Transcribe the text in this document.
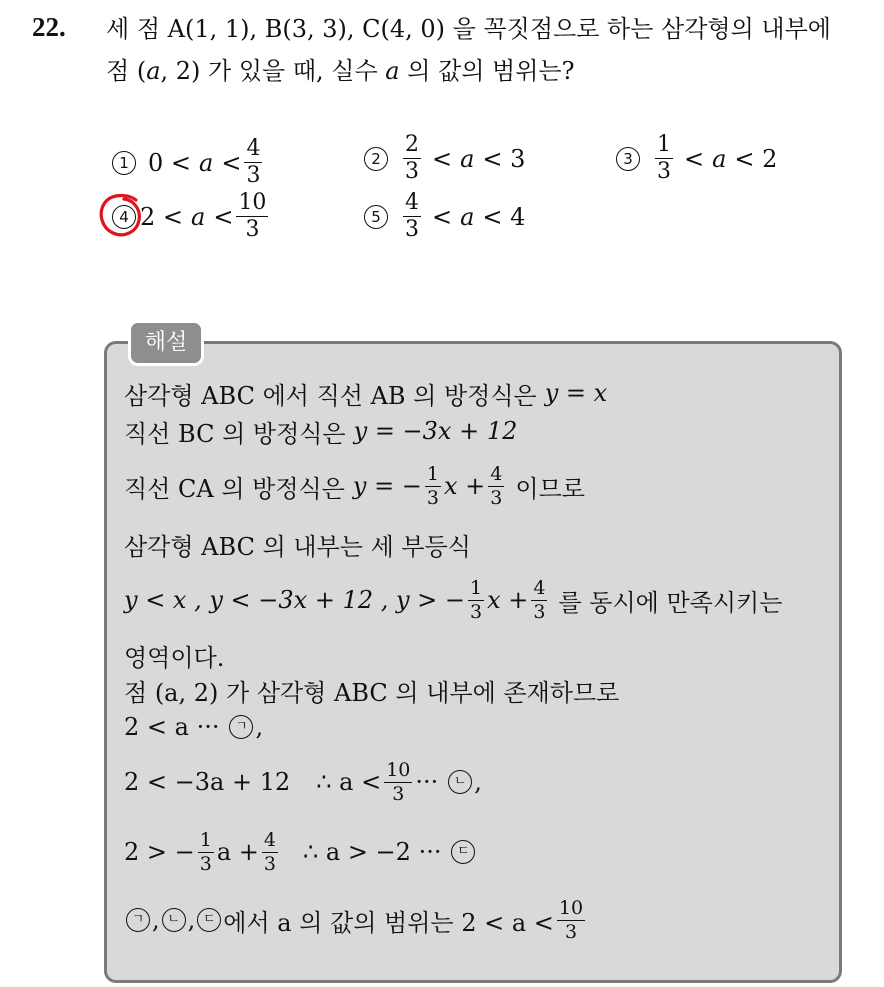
22. 세 점 A(1, 1), B(3, 3), C(4, 0) 을 꼭짓점으로 하는 삼각형의 내부에
점 (a, 2) 가 있을 때, 실수 a 의 값의 범위는?
1 $0 < a < \frac{4}{3}$	2	$\frac{2}{3} < a < 3$	3	$\frac{1}{3} < a < 2$
4 $2 < a < \frac{10}{3}$	5	$\frac{4}{3} < a < 4$
해설
삼각형 ABC 에서 직선 AB 의 방정식은 y = x
직선 BC 의 방정식은 y = −3x + 12
직선 CA 의 방정식은 y = − $\frac{1}{3}$ $x + \frac{4}{3}$ 이므로
삼각형 ABC 의 내부는 세 부등식
y < x , y < −3x + 12 , y > − $\frac{1}{3}$ $x + \frac{4}{3}$ 를 동시에 만족시키는
영역이다.
점 (a, 2) 가 삼각형 ABC 의 내부에 존재하므로
2 < a ···	ㄱ ,
2 < −3a + 12 ∴ $a < \frac{10}{3}$ ···	ㄴ ,
2 > − $\frac{1}{3}$ $a + \frac{4}{3}$ ∴ a > −2 ···	ㄷ
ㄱ , ㄴ , ㄷ 에서 a 의 값의 범위는 $2 < a < \frac{10}{3}$
